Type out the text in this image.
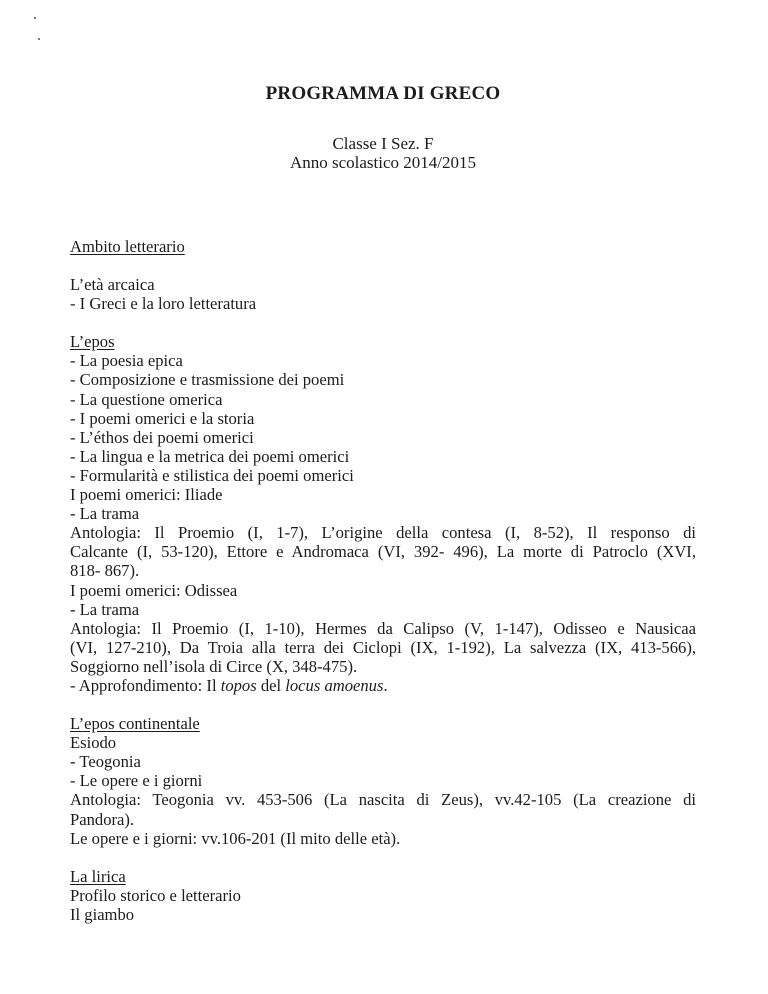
PROGRAMMA DI GRECO
Classe I Sez. F
Anno scolastico 2014/2015
Ambito letterario
L’età arcaica
- I Greci e la loro letteratura
L’epos
- La poesia epica
- Composizione e trasmissione dei poemi
- La questione omerica
- I poemi omerici e la storia
- L’éthos dei poemi omerici
- La lingua e la metrica dei poemi omerici
- Formularità e stilistica dei poemi omerici
I poemi omerici: Iliade
- La trama
Antologia: Il Proemio (I, 1-7), L’origine della contesa (I, 8-52), Il responso di
Calcante (I, 53-120), Ettore e Andromaca (VI, 392- 496), La morte di Patroclo (XVI,
818- 867).
I poemi omerici: Odissea
- La trama
Antologia: Il Proemio (I, 1-10), Hermes da Calipso (V, 1-147), Odisseo e Nausicaa
(VI, 127-210), Da Troia alla terra dei Ciclopi (IX, 1-192), La salvezza (IX, 413-566),
Soggiorno nell’isola di Circe (X, 348-475).
- Approfondimento: Il topos del locus amoenus.
L’epos continentale
Esiodo
- Teogonia
- Le opere e i giorni
Antologia: Teogonia vv. 453-506 (La nascita di Zeus), vv.42-105 (La creazione di
Pandora).
Le opere e i giorni: vv.106-201 (Il mito delle età).
La lirica
Profilo storico e letterario
Il giambo
